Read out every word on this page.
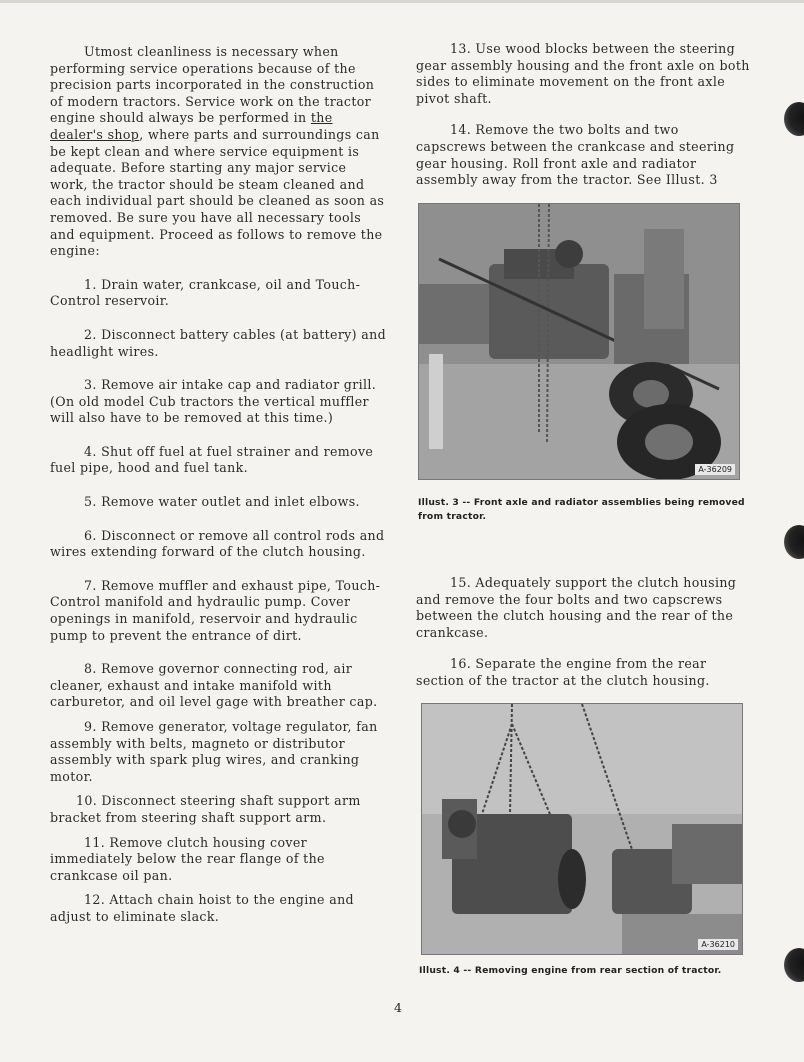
Utmost cleanliness is necessary when performing service operations because of the precision parts incorporated in the construction of modern tractors. Service work on the tractor engine should always be performed in the dealer's shop, where parts and surroundings can be kept clean and where service equipment is adequate. Before starting any major service work, the tractor should be steam cleaned and each individual part should be cleaned as soon as removed. Be sure you have all necessary tools and equipment. Proceed as follows to remove the engine:

1. Drain water, crankcase, oil and Touch-Control reservoir.

2. Disconnect battery cables (at battery) and headlight wires.

3. Remove air intake cap and radiator grill. (On old model Cub tractors the vertical muffler will also have to be removed at this time.)

4. Shut off fuel at fuel strainer and remove fuel pipe, hood and fuel tank.

5. Remove water outlet and inlet elbows.

6. Disconnect or remove all control rods and wires extending forward of the clutch housing.

7. Remove muffler and exhaust pipe, Touch-Control manifold and hydraulic pump. Cover openings in manifold, reservoir and hydraulic pump to prevent the entrance of dirt.

8. Remove governor connecting rod, air cleaner, exhaust and intake manifold with carburetor, and oil level gage with breather cap.

9. Remove generator, voltage regulator, fan assembly with belts, magneto or distributor assembly with spark plug wires, and cranking motor.

10. Disconnect steering shaft support arm bracket from steering shaft support arm.

11. Remove clutch housing cover immediately below the rear flange of the crankcase oil pan.

12. Attach chain hoist to the engine and adjust to eliminate slack.

13. Use wood blocks between the steering gear assembly housing and the front axle on both sides to eliminate movement on the front axle pivot shaft.

14. Remove the two bolts and two capscrews between the crankcase and steering gear housing. Roll front axle and radiator assembly away from the tractor. See Illust. 3

A-36209
Illust. 3 -- Front axle and radiator assemblies being removed from tractor.

15. Adequately support the clutch housing and remove the four bolts and two capscrews between the clutch housing and the rear of the crankcase.

16. Separate the engine from the rear section of the tractor at the clutch housing.

A-36210
Illust. 4 -- Removing engine from rear section of tractor.
4
